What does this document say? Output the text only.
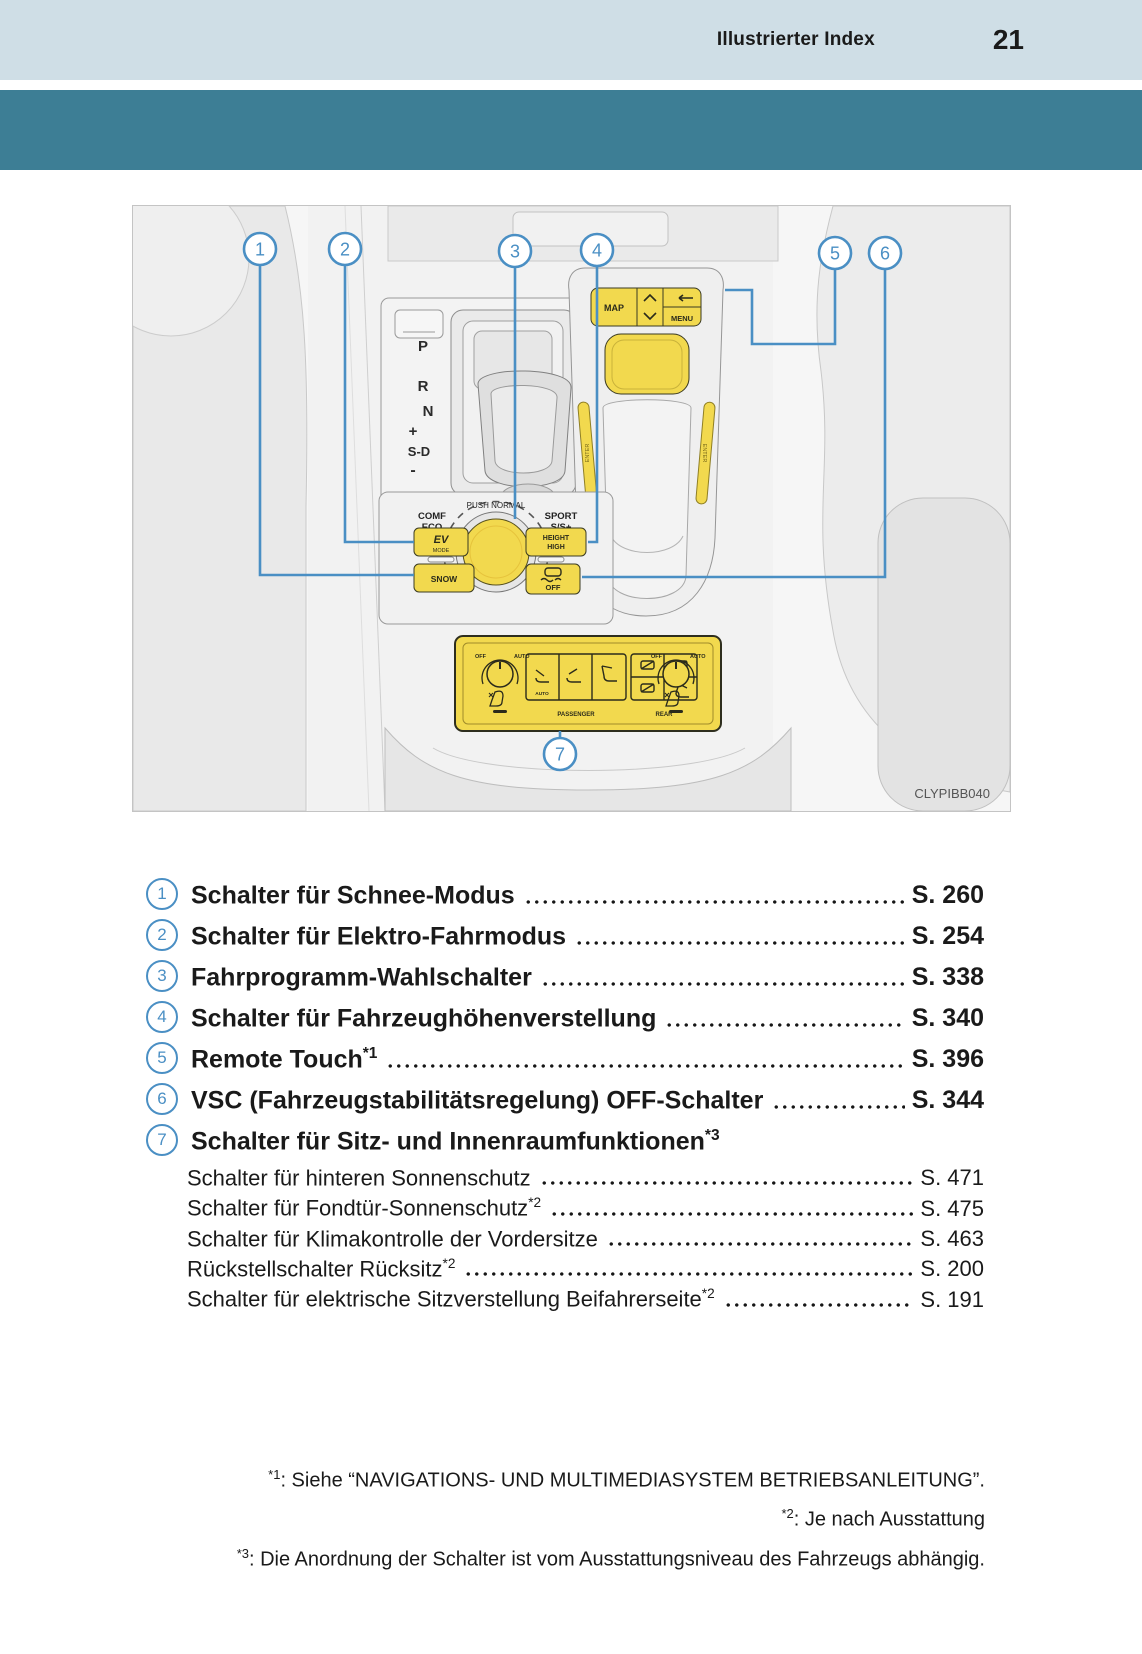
Illustrierter Index	21
P
R
N
+
S-D
-
MAP
MENU
ENTER	ENTER
PUSH NORMAL
COMF	SPORT
EV
MODE
SNOW
HEIGHT
HIGH
OFF
OFF	AUTO
AUTO
OFF	AUTO
PASSENGER	REAR
1	2	3	4	5 6
7
CLYPIBB040
1 Schalter für Schnee-Modus	S. 260
2 Schalter für Elektro-Fahrmodus	S. 254
3 Fahrprogramm-Wahlschalter	S. 338
4 Schalter für Fahrzeughöhenverstellung	S. 340
5 Remote Touch$^{*1}$	S. 396
6 VSC (Fahrzeugstabilitätsregelung) OFF-Schalter	S. 344
7 Schalter für Sitz- und Innenraumfunktionen$^{*3}$
Schalter für hinteren Sonnenschutz	S. 471
Schalter für Fondtür-Sonnenschutz$^{*2}$	S. 475
Schalter für Klimakontrolle der Vordersitze	S. 463
Rückstellschalter Rücksitz$^{*2}$	S. 200
Schalter für elektrische Sitzverstellung Beifahrerseite$^{*2}$	S. 191
$^{*1}$: Siehe “NAVIGATIONS- UND MULTIMEDIASYSTEM BETRIEBSANLEITUNG”.
$^{*2}$: Je nach Ausstattung
$^{*3}$: Die Anordnung der Schalter ist vom Ausstattungsniveau des Fahrzeugs abhängig.
